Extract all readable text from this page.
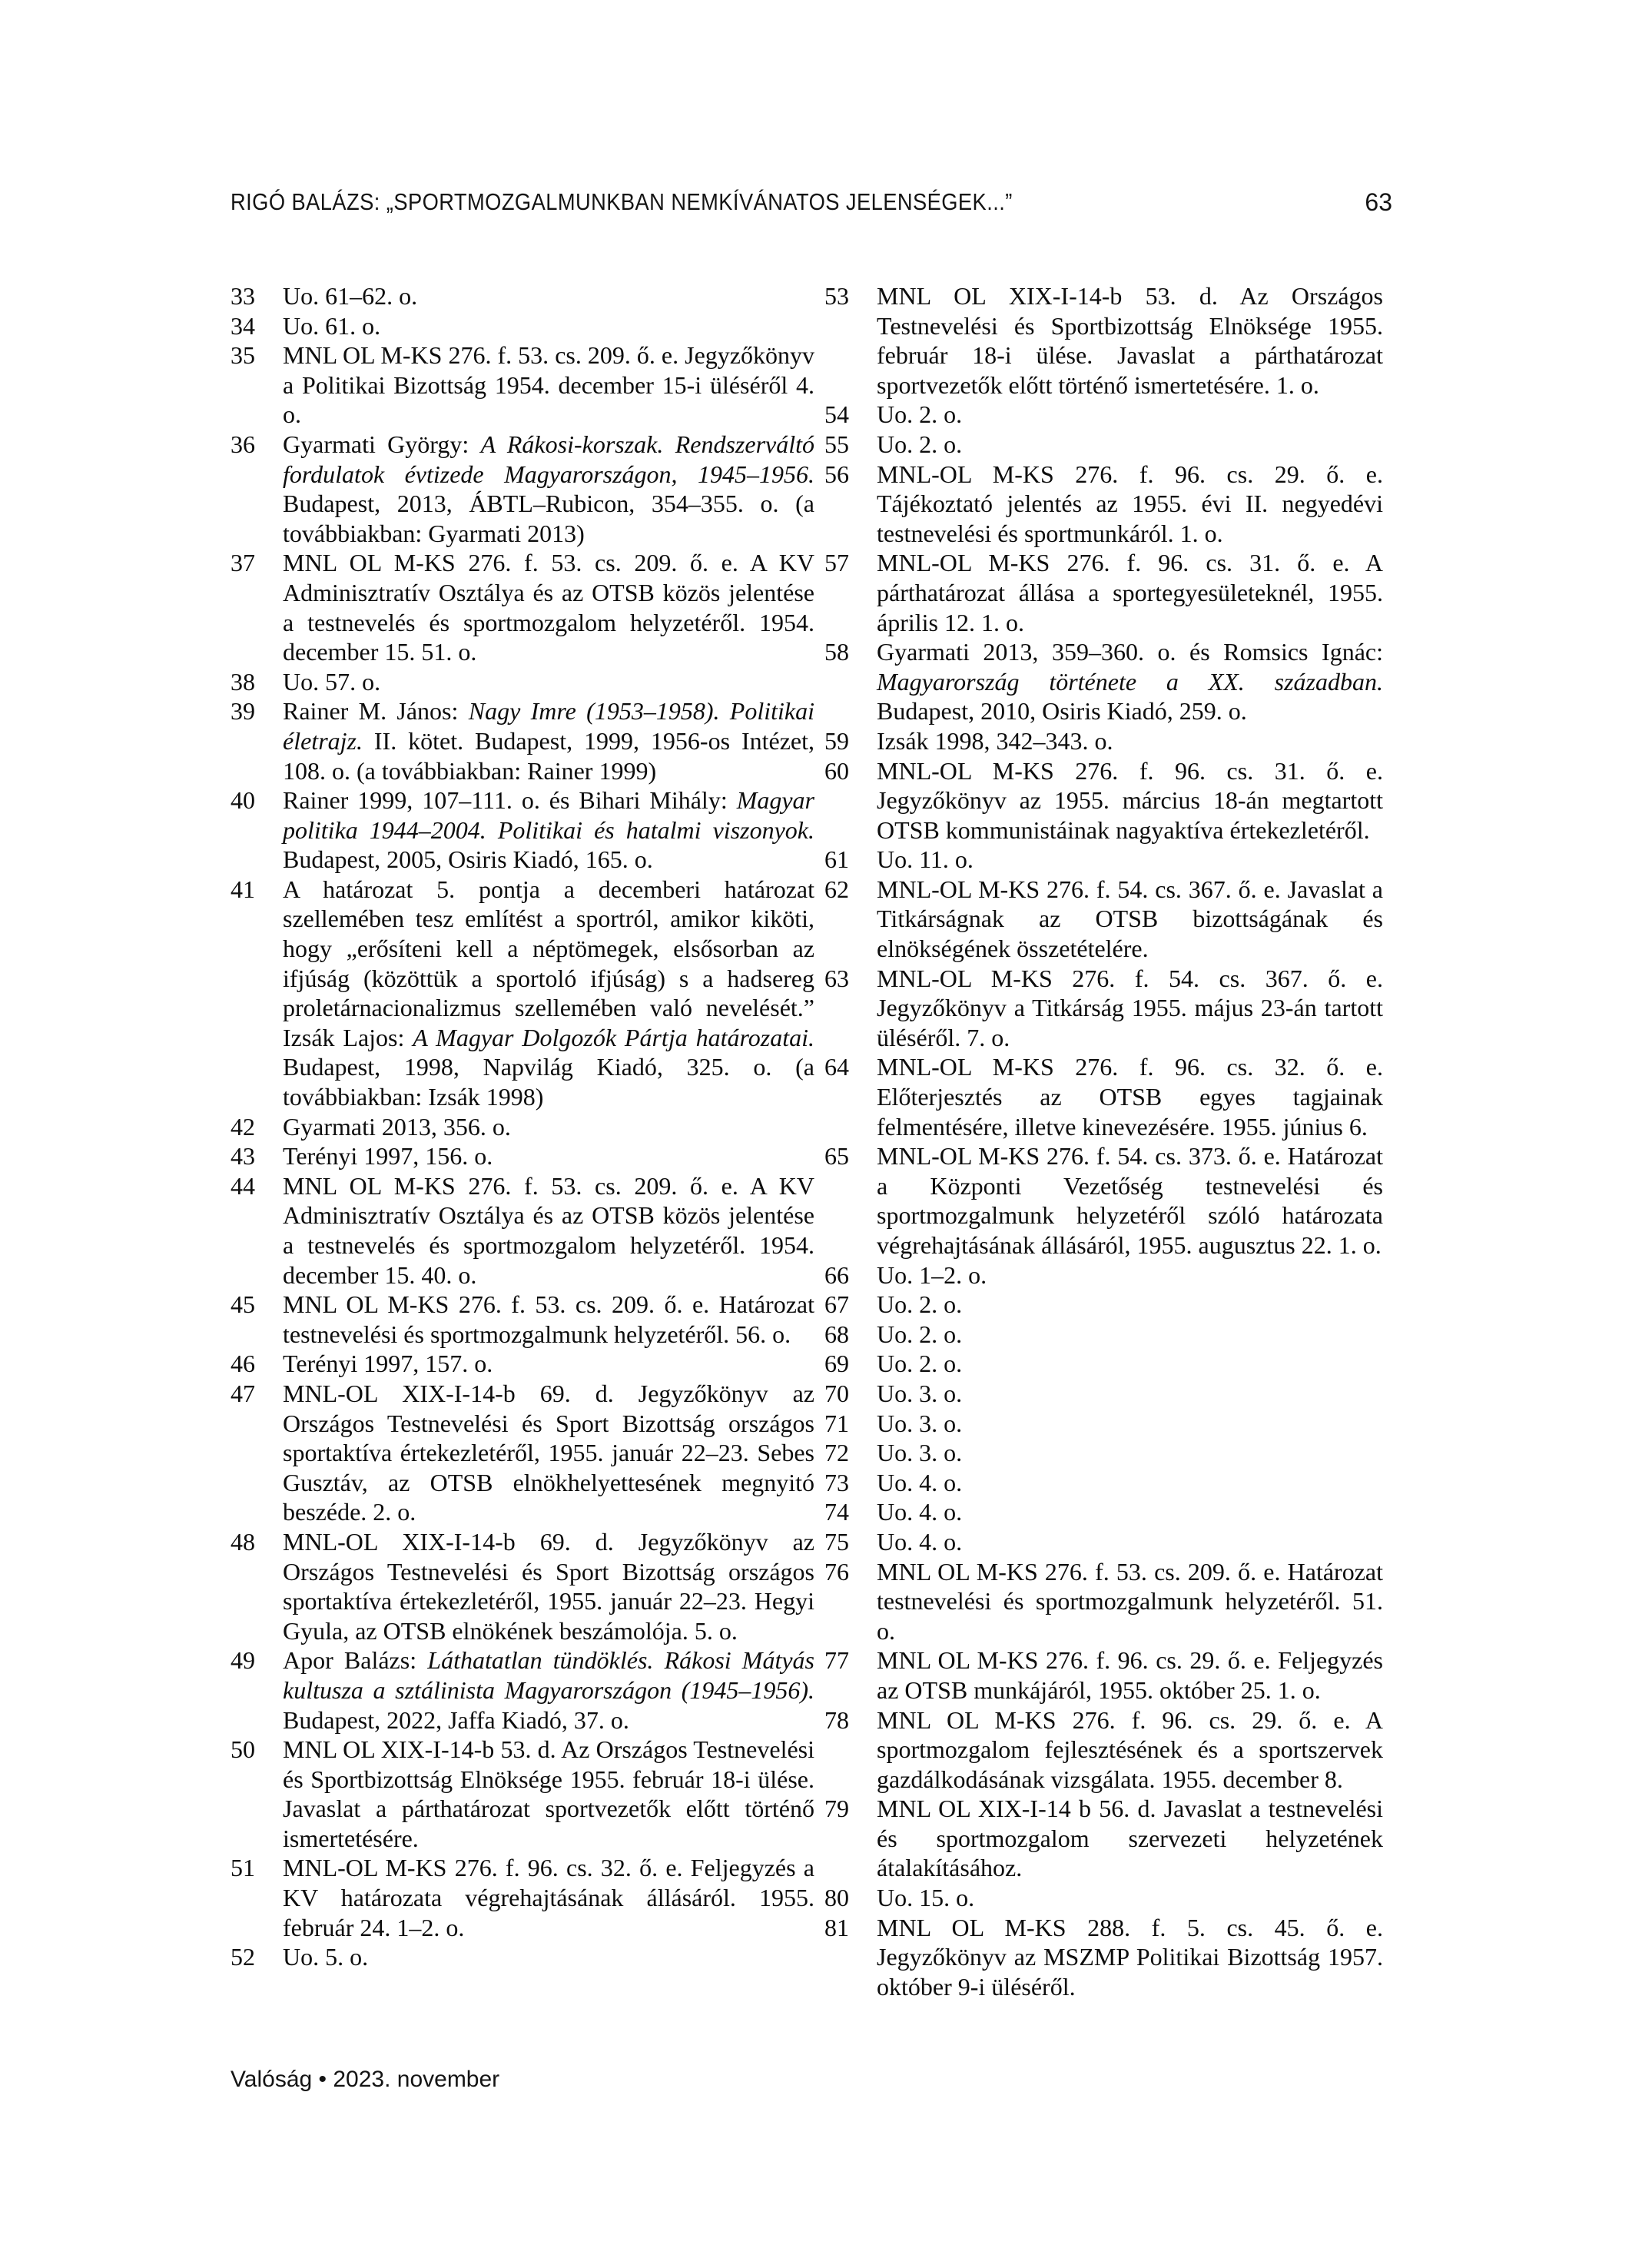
RIGÓ BALÁZS: „SPORTMOZGALMUNKBAN NEMKÍVÁNATOS JELENSÉGEK...”	63
33	Uo. 61–62. o.
34	Uo. 61. o.
35	MNL OL M-KS 276. f. 53. cs. 209. ő. e. Jegyzőkönyv a Politikai Bizottság 1954. december 15-i üléséről 4. o.
36	Gyarmati György: A Rákosi-korszak. Rendszerváltó fordulatok évtizede Magyarországon, 1945–1956. Budapest, 2013, ÁBTL–Rubicon, 354–355. o. (a továbbiakban: Gyarmati 2013)
37	MNL OL M-KS 276. f. 53. cs. 209. ő. e. A KV Adminisztratív Osztálya és az OTSB közös jelentése a testnevelés és sportmozgalom helyzetéről. 1954. december 15. 51. o.
38	Uo. 57. o.
39	Rainer M. János: Nagy Imre (1953–1958). Politikai életrajz. II. kötet. Budapest, 1999, 1956-os Intézet, 108. o. (a továbbiakban: Rainer 1999)
40	Rainer 1999, 107–111. o. és Bihari Mihály: Magyar politika 1944–2004. Politikai és hatalmi viszonyok. Budapest, 2005, Osiris Kiadó, 165. o.
41	A határozat 5. pontja a decemberi határozat szellemében tesz említést a sportról, amikor kiköti, hogy „erősíteni kell a néptömegek, elsősorban az ifjúság (közöttük a sportoló ifjúság) s a hadsereg proletárnacionalizmus szellemében való nevelését.” Izsák Lajos: A Magyar Dolgozók Pártja határozatai. Budapest, 1998, Napvilág Kiadó, 325. o. (a továbbiakban: Izsák 1998)
42	Gyarmati 2013, 356. o.
43	Terényi 1997, 156. o.
44	MNL OL M-KS 276. f. 53. cs. 209. ő. e. A KV Adminisztratív Osztálya és az OTSB közös jelentése a testnevelés és sportmozgalom helyzetéről. 1954. december 15. 40. o.
45	MNL OL M-KS 276. f. 53. cs. 209. ő. e. Határozat testnevelési és sportmozgalmunk helyzetéről. 56. o.
46	Terényi 1997, 157. o.
47	MNL-OL XIX-I-14-b 69. d. Jegyzőkönyv az Országos Testnevelési és Sport Bizottság országos sportaktíva értekezletéről, 1955. január 22–23. Sebes Gusztáv, az OTSB elnökhelyettesének megnyitó beszéde. 2. o.
48	MNL-OL XIX-I-14-b 69. d. Jegyzőkönyv az Országos Testnevelési és Sport Bizottság országos sportaktíva értekezletéről, 1955. január 22–23. Hegyi Gyula, az OTSB elnökének beszámolója. 5. o.
49	Apor Balázs: Láthatatlan tündöklés. Rákosi Mátyás kultusza a sztálinista Magyarországon (1945–1956). Budapest, 2022, Jaffa Kiadó, 37. o.
50	MNL OL XIX-I-14-b 53. d. Az Országos Testnevelési és Sportbizottság Elnöksége 1955. február 18-i ülése. Javaslat a párthatározat sportvezetők előtt történő ismertetésére.
51	MNL-OL M-KS 276. f. 96. cs. 32. ő. e. Feljegyzés a KV határozata végrehajtásának állásáról. 1955. február 24. 1–2. o.
52	Uo. 5. o.
53	MNL OL XIX-I-14-b 53. d. Az Országos Testnevelési és Sportbizottság Elnöksége 1955. február 18-i ülése. Javaslat a párthatározat sportvezetők előtt történő ismertetésére. 1. o.
54	Uo. 2. o.
55	Uo. 2. o.
56	MNL-OL M-KS 276. f. 96. cs. 29. ő. e. Tájékoztató jelentés az 1955. évi II. negyedévi testnevelési és sportmunkáról. 1. o.
57	MNL-OL M-KS 276. f. 96. cs. 31. ő. e. A párthatározat állása a sportegyesületeknél, 1955. április 12. 1. o.
58	Gyarmati 2013, 359–360. o. és Romsics Ignác: Magyarország története a XX. században. Budapest, 2010, Osiris Kiadó, 259. o.
59	Izsák 1998, 342–343. o.
60	MNL-OL M-KS 276. f. 96. cs. 31. ő. e. Jegyzőkönyv az 1955. március 18-án megtartott OTSB kommunistáinak nagyaktíva értekezletéről.
61	Uo. 11. o.
62	MNL-OL M-KS 276. f. 54. cs. 367. ő. e. Javaslat a Titkárságnak az OTSB bizottságának és elnökségének összetételére.
63	MNL-OL M-KS 276. f. 54. cs. 367. ő. e. Jegyzőkönyv a Titkárság 1955. május 23-án tartott üléséről. 7. o.
64	MNL-OL M-KS 276. f. 96. cs. 32. ő. e. Előterjesztés az OTSB egyes tagjainak felmentésére, illetve kinevezésére. 1955. június 6.
65	MNL-OL M-KS 276. f. 54. cs. 373. ő. e. Határozat a Központi Vezetőség testnevelési és sportmozgalmunk helyzetéről szóló határozata végrehajtásának állásáról, 1955. augusztus 22. 1. o.
66	Uo. 1–2. o.
67	Uo. 2. o.
68	Uo. 2. o.
69	Uo. 2. o.
70	Uo. 3. o.
71	Uo. 3. o.
72	Uo. 3. o.
73	Uo. 4. o.
74	Uo. 4. o.
75	Uo. 4. o.
76	MNL OL M-KS 276. f. 53. cs. 209. ő. e. Határozat testnevelési és sportmozgalmunk helyzetéről. 51. o.
77	MNL OL M-KS 276. f. 96. cs. 29. ő. e. Feljegyzés az OTSB munkájáról, 1955. október 25. 1. o.
78	MNL OL M-KS 276. f. 96. cs. 29. ő. e. A sportmozgalom fejlesztésének és a sportszervek gazdálkodásának vizsgálata. 1955. december 8.
79	MNL OL XIX-I-14 b 56. d. Javaslat a testnevelési és sportmozgalom szervezeti helyzetének átalakításához.
80	Uo. 15. o.
81	MNL OL M-KS 288. f. 5. cs. 45. ő. e. Jegyzőkönyv az MSZMP Politikai Bizottság 1957. október 9-i üléséről.
Valóság • 2023. november
